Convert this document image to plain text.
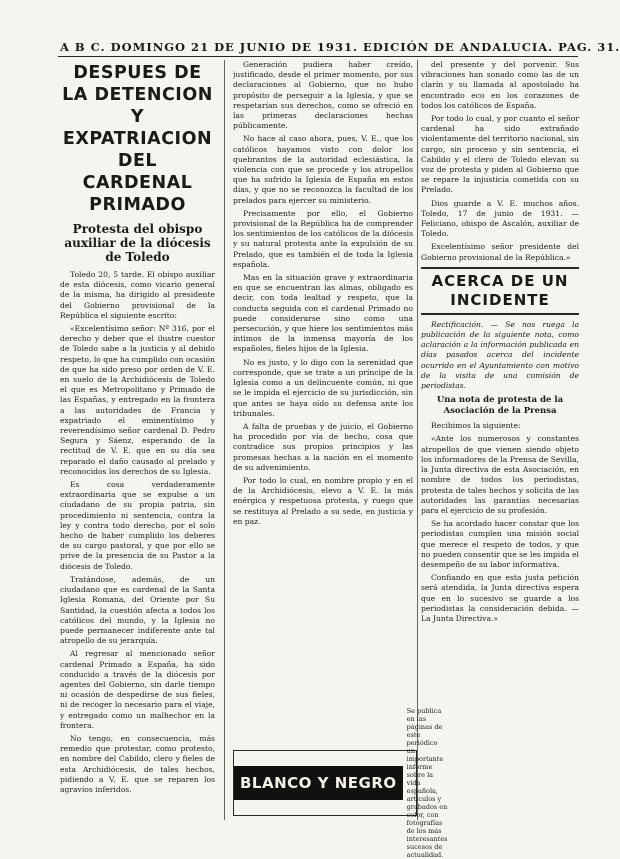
A B C. DOMINGO 21 DE JUNIO DE 1931. EDICIÓN DE ANDALUCIA. PAG. 31.
DESPUES DE LA DETENCION Y EXPATRIACION DEL CARDENAL PRIMADO
Protesta del obispo auxiliar de la diócesis de Toledo

Toledo 20, 5 tarde. El obispo auxiliar de esta diócesis, como vicario general de la misma, ha dirigido al presidente del Gobierno provisional de la República el siguiente escrito:

«Excelentísimo señor: Nº 316, por el derecho y deber que el ilustre cuestor de Toledo sabe a la justicia y al debido respeto, lo que ha cumplido con ocasión de que ha sido preso por orden de V. E. en suelo de la Archidiócesis de Toledo el que es Metropolitano y Primado de las Españas, y entregado en la frontera a las autoridades de Francia y expatriado el eminentísimo y reverendísimo señor cardenal D. Pedro Segura y Sáenz, esperando de la rectitud de V. E. que en su día sea reparado el daño causado al prelado y reconocidos los derechos de su Iglesia.

Es cosa verdaderamente extraordinaria que se expulse a un ciudadano de su propia patria, sin procedimiento ni sentencia, contra la ley y contra todo derecho, por el solo hecho de haber cumplido los deberes de su cargo pastoral, y que por ello se prive de la presencia de su Pastor a la diócesis de Toledo.

Tratándose, además, de un ciudadano que es cardenal de la Santa Iglesia Romana, del Oriente por Su Santidad, la cuestión afecta a todos los católicos del mundo, y la Iglesia no puede permanecer indiferente ante tal atropello de su jerarquía.

Al regresar al mencionado señor cardenal Primado a España, ha sido conducido a través de la diócesis por agentes del Gobierno, sin darle tiempo ni ocasión de despedirse de sus fieles, ni de recoger lo necesario para el viaje, y entregado como un malhechor en la frontera.

No tengo, en consecuencia, más remedio que protestar, como protesto, en nombre del Cabildo, clero y fieles de esta Archidiócesis, de tales hechos, pidiendo a V. E. que se reparen los agravios inferidos.

Generación pudiera haber creído, justificado, desde el primer momento, por sus declaraciones al Gobierno, que no hubo propósito de perseguir a la Iglesia, y que se respetarían sus derechos, como se ofreció en las primeras declaraciones hechas públicamente.

No hace al caso ahora, pues, V. E., que los católicos hayamos visto con dolor los quebrantos de la autoridad eclesiástica, la violencia con que se procede y los atropellos que ha sufrido la Iglesia de España en estos días, y que no se reconozca la facultad de los prelados para ejercer su ministerio.

Precisamente por ello, el Gobierno provisional de la República ha de comprender los sentimientos de los católicos de la diócesis y su natural protesta ante la expulsión de su Prelado, que es también el de toda la Iglesia española.

Mas en la situación grave y extraordinaria en que se encuentran las almas, obligado es decir, con toda lealtad y respeto, que la conducta seguida con el cardenal Primado no puede considerarse sino como una persecución, y que hiere los sentimientos más íntimos de la inmensa mayoría de los españoles, fieles hijos de la Iglesia.

No es justo, y lo digo con la serenidad que corresponde, que se trate a un príncipe de la Iglesia como a un delincuente común, ni que se le impida el ejercicio de su jurisdicción, sin que antes se haya oído su defensa ante los tribunales.

A falta de pruebas y de juicio, el Gobierno ha procedido por vía de hecho, cosa que contradice sus propios principios y las promesas hechas a la nación en el momento de su advenimiento.

Por todo lo cual, en nombre propio y en el de la Archidiócesis, elevo a V. E. la más enérgica y respetuosa protesta, y ruego que se restituya al Prelado a su sede, en justicia y en paz.

BLANCO Y NEGRO
Se publica en las páginas de este periódico un importante informe sobre la vida española, artículos y grabados en color, con fotografías de los más interesantes sucesos de actualidad.

del presente y del porvenir. Sus vibraciones han sonado como las de un clarín y su llamada al apostolado ha encontrado eco en los corazones de todos los católicos de España.

Por todo lo cual, y por cuanto el señor cardenal ha sido extrañado violentamente del territorio nacional, sin cargo, sin proceso y sin sentencia, el Cabildo y el clero de Toledo elevan su voz de protesta y piden al Gobierno que se repare la injusticia cometida con su Prelado.

Dios guarde a V. E. muchos años. Toledo, 17 de junio de 1931. — Feliciano, obispo de Ascalón, auxiliar de Toledo.

Excelentísimo señor presidente del Gobierno provisional de la República.»

ACERCA DE UN INCIDENTE

Rectificación. — Se nos ruega la publicación de la siguiente nota, como aclaración a la información publicada en días pasados acerca del incidente ocurrido en el Ayuntamiento con motivo de la visita de una comisión de periodistas.

Una nota de protesta de la Asociación de la Prensa

Recibimos la siguiente:

«Ante los numerosos y constantes atropellos de que vienen siendo objeto los informadores de la Prensa de Sevilla, la Junta directiva de esta Asociación, en nombre de todos los periodistas, protesta de tales hechos y solicita de las autoridades las garantías necesarias para el ejercicio de su profesión.

Se ha acordado hacer constar que los periodistas cumplen una misión social que merece el respeto de todos, y que no pueden consentir que se les impida el desempeño de su labor informativa.

Confiando en que esta justa petición será atendida, la Junta directiva espera que en lo sucesivo se guarde a los periodistas la consideración debida. — La Junta Directiva.»
